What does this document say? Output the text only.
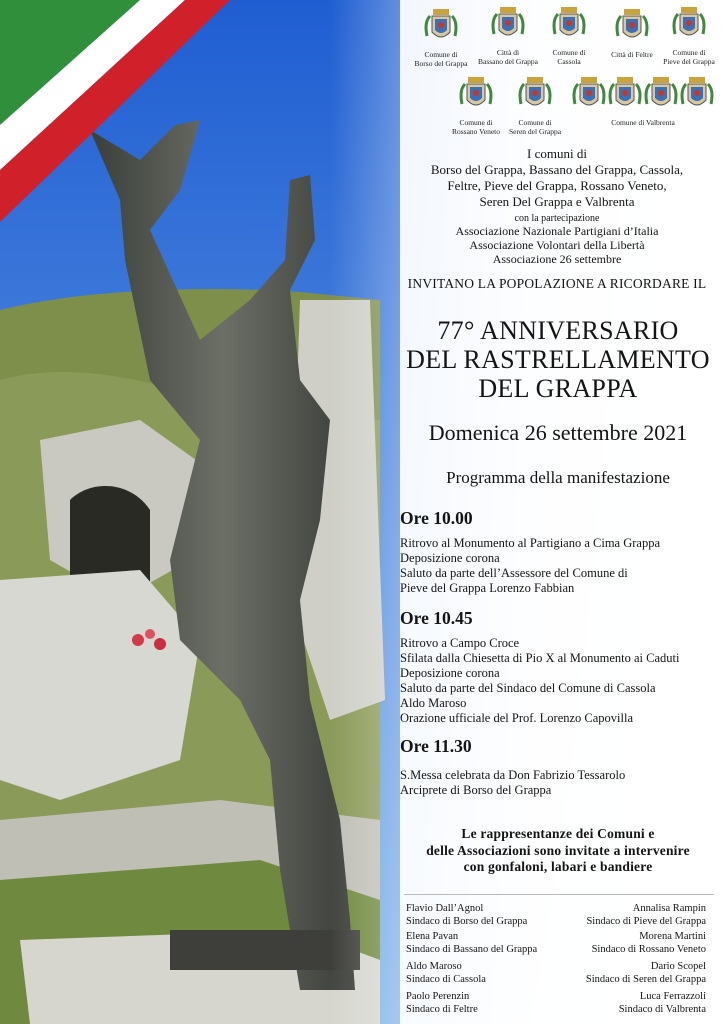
Comune di
Borso del Grappa
Città di
Bassano del Grappa
Comune di
Cassola
Città di Feltre	Comune di
Pieve del Grappa
Comune di
Rossano Veneto
Comune di
Seren del Grappa
Comune di Valbrenta
I comuni di
Borso del Grappa, Bassano del Grappa, Cassola,
Feltre, Pieve del Grappa, Rossano Veneto,
Seren Del Grappa e Valbrenta
con la partecipazione
Associazione Nazionale Partigiani d’Italia
Associazione Volontari della Libertà
Associazione 26 settembre
INVITANO LA POPOLAZIONE A RICORDARE IL
77° ANNIVERSARIO
DEL RASTRELLAMENTO
DEL GRAPPA
Domenica 26 settembre 2021
Programma della manifestazione
Ore 10.00
Ritrovo al Monumento al Partigiano a Cima Grappa
Deposizione corona
Saluto da parte dell’Assessore del Comune di
Pieve del Grappa Lorenzo Fabbian
Ore 10.45
Ritrovo a Campo Croce
Sfilata dalla Chiesetta di Pio X al Monumento ai Caduti
Deposizione corona
Saluto da parte del Sindaco del Comune di Cassola
Aldo Maroso
Orazione ufficiale del Prof. Lorenzo Capovilla
Ore 11.30
S.Messa celebrata da Don Fabrizio Tessarolo
Arciprete di Borso del Grappa
Le rappresentanze dei Comuni e
delle Associazioni sono invitate a intervenire
con gonfaloni, labari e bandiere
Flavio Dall’Agnol
Sindaco di Borso del Grappa
Annalisa Rampin
Sindaco di Pieve del Grappa
Elena Pavan
Sindaco di Bassano del Grappa
Morena Martini
Sindaco di Rossano Veneto
Aldo Maroso
Sindaco di Cassola
Dario Scopel
Sindaco di Seren del Grappa
Paolo Perenzin
Sindaco di Feltre
Luca Ferrazzoli
Sindaco di Valbrenta
